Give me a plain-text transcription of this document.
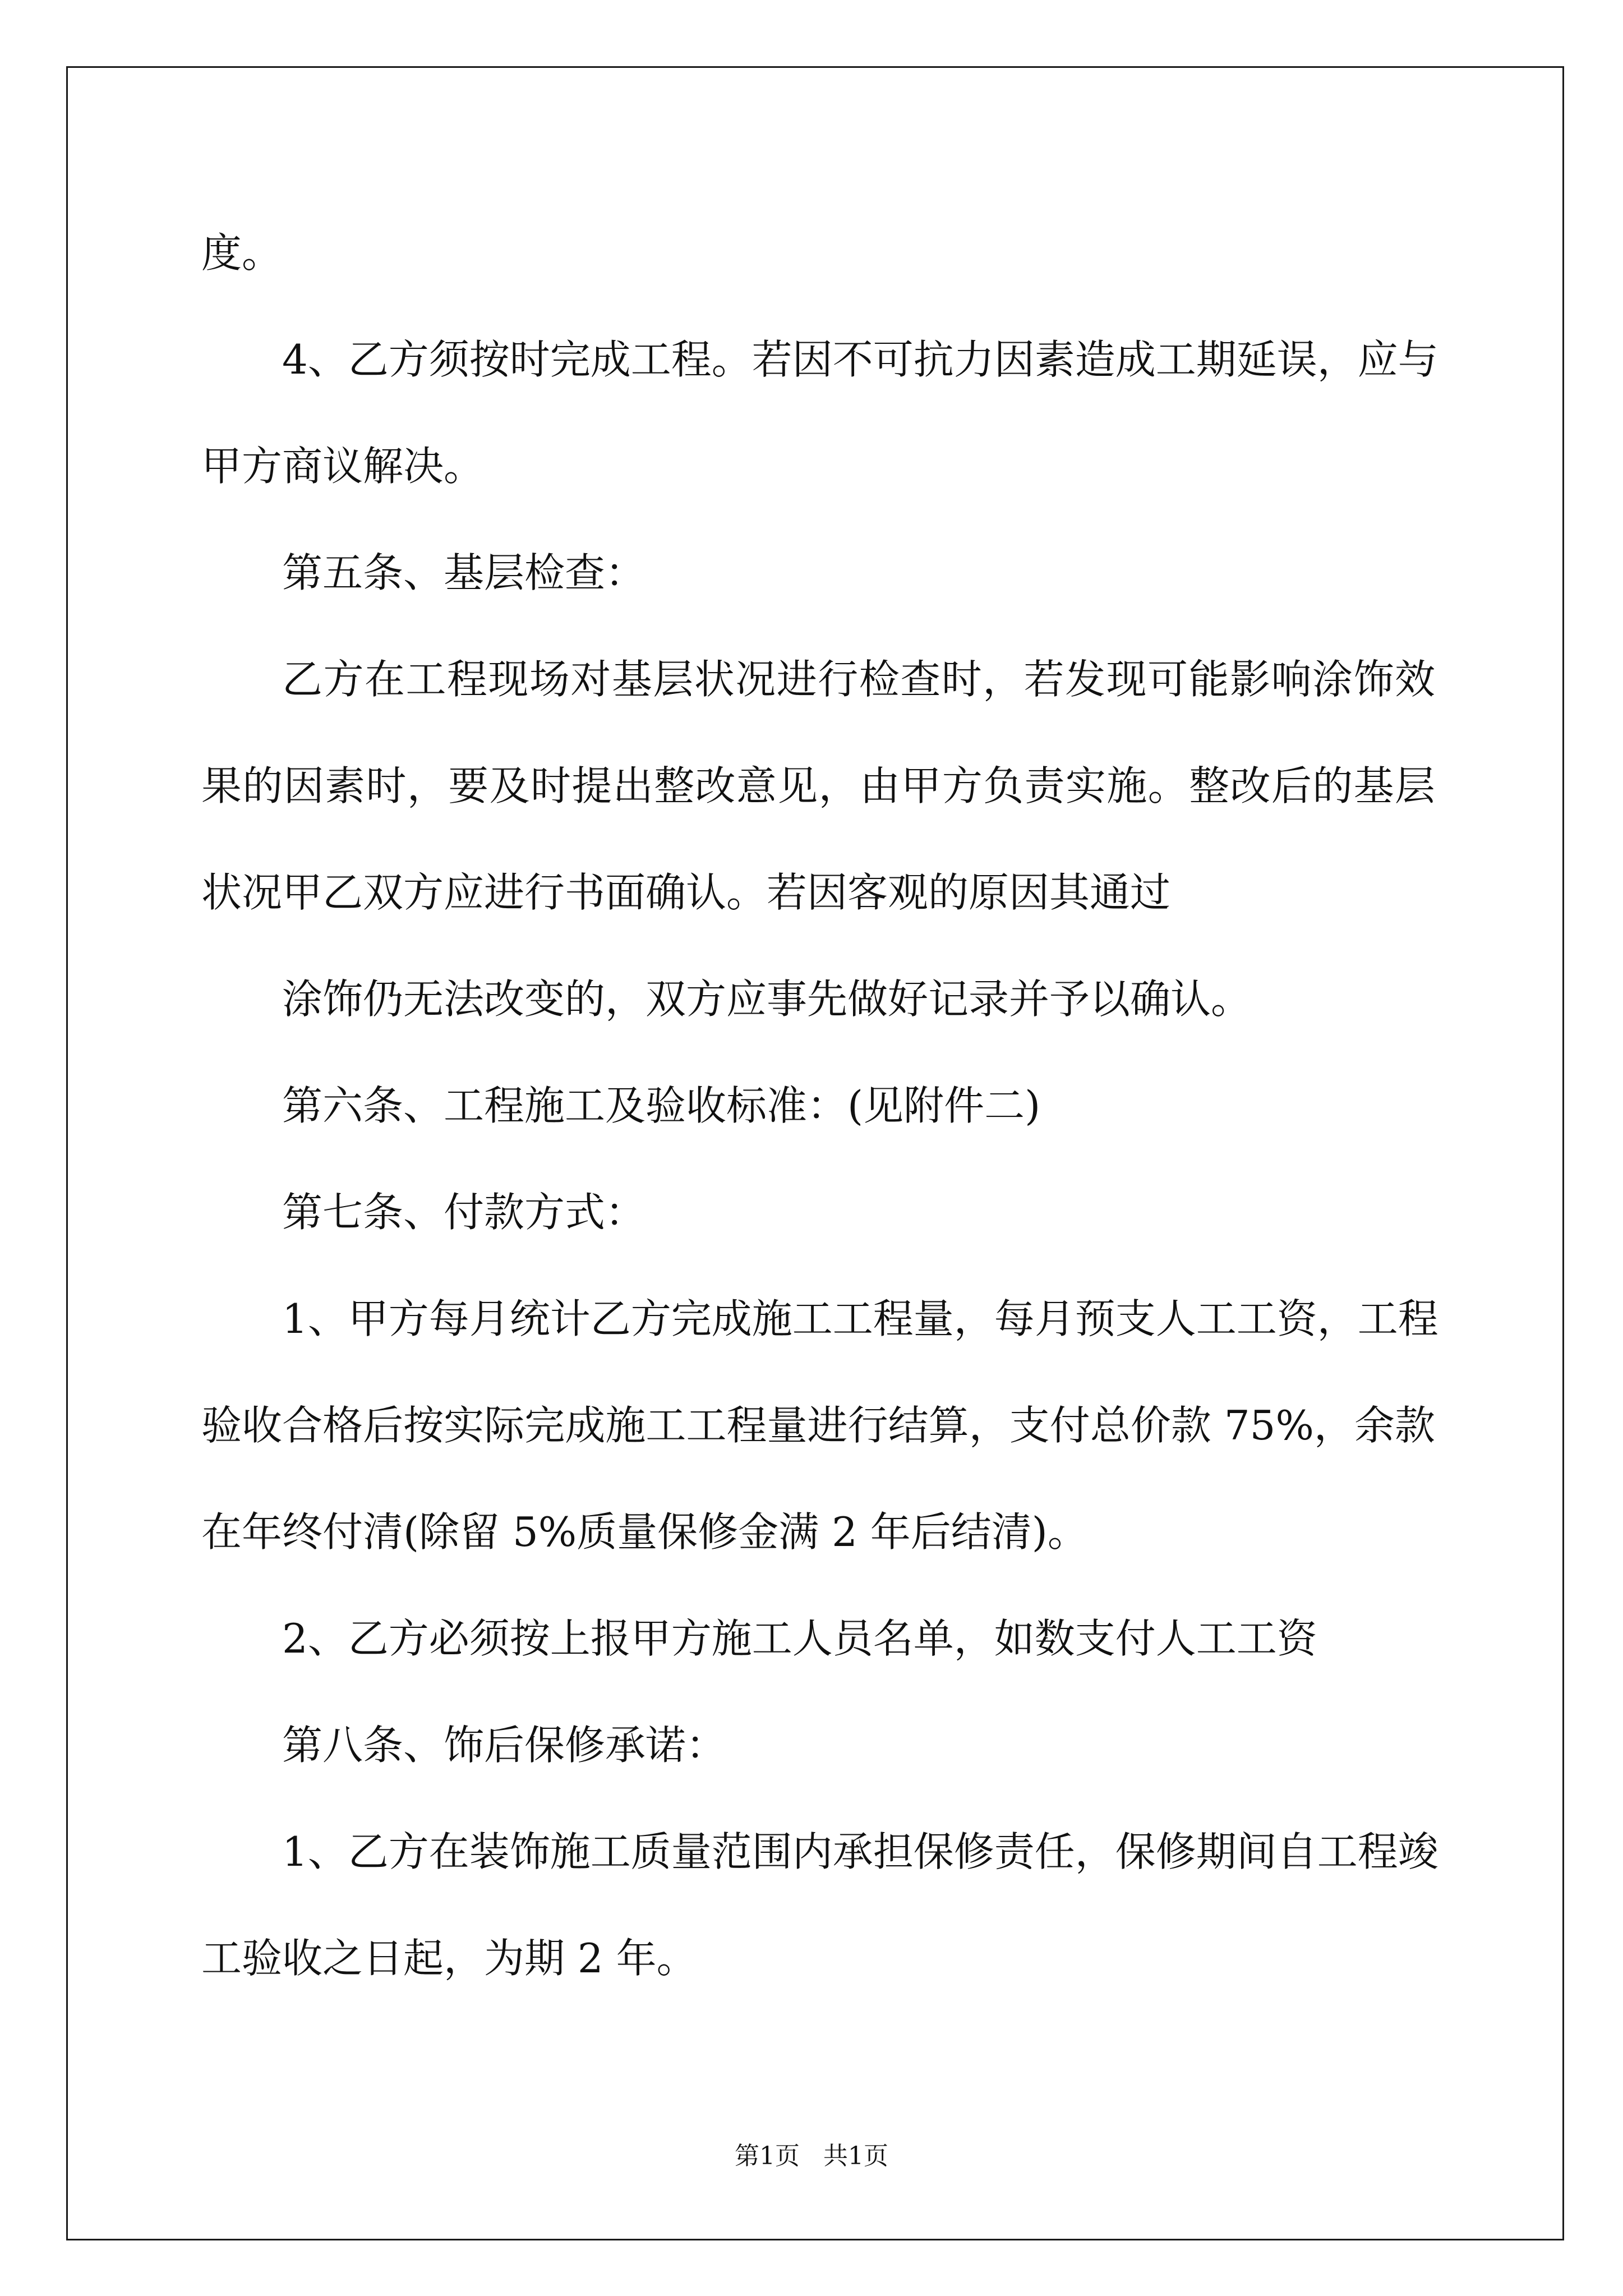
度。
4、乙方须按时完成工程。若因不可抗力因素造成工期延误，应与
甲方商议解决。
第五条、基层检查：
乙方在工程现场对基层状况进行检查时，若发现可能影响涂饰效
果的因素时，要及时提出整改意见，由甲方负责实施。整改后的基层
状况甲乙双方应进行书面确认。若因客观的原因其通过
涂饰仍无法改变的，双方应事先做好记录并予以确认。
第六条、工程施工及验收标准：(见附件二)
第七条、付款方式：
1、甲方每月统计乙方完成施工工程量，每月预支人工工资，工程
验收合格后按实际完成施工工程量进行结算，支付总价款 75%，余款
在年终付清(除留 5%质量保修金满 2 年后结清)。
2、乙方必须按上报甲方施工人员名单，如数支付人工工资
第八条、饰后保修承诺：
1、乙方在装饰施工质量范围内承担保修责任，保修期间自工程竣
工验收之日起，为期 2 年。
第1页   共1页
